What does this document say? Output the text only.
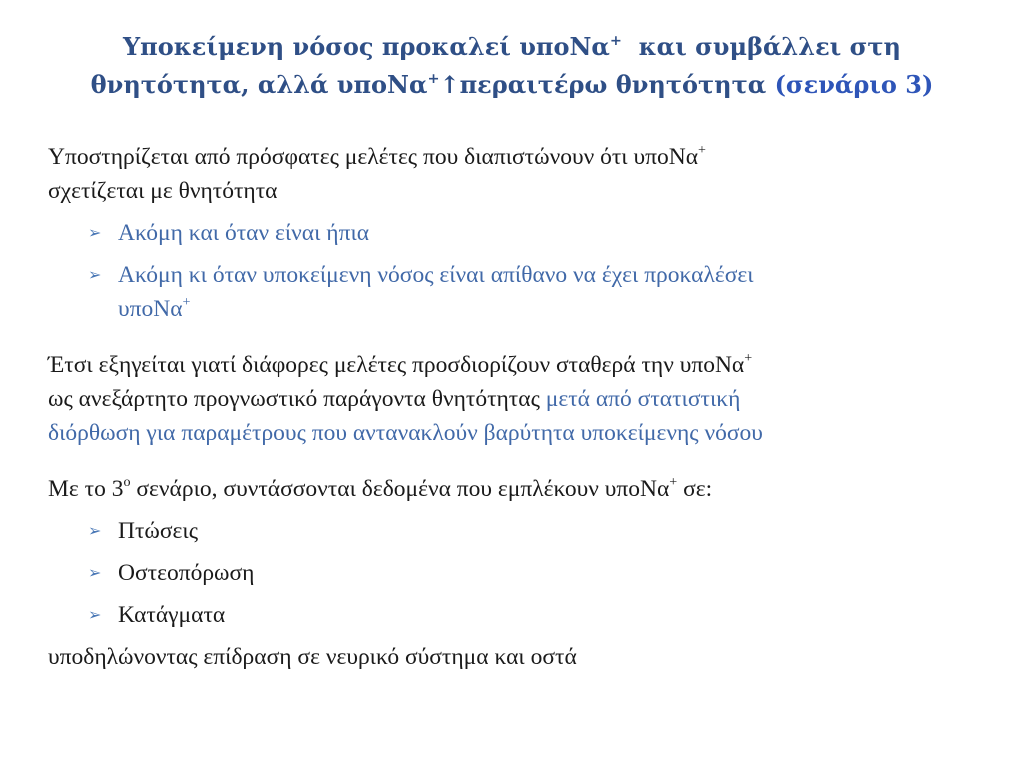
Υποκείμενη νόσος προκαλεί υποΝα+  και συμβάλλει στη
θνητότητα, αλλά υποΝα+↑περαιτέρω θνητότητα (σενάριο 3)

Υποστηρίζεται από πρόσφατες μελέτες που διαπιστώνουν ότι υποΝα+
σχετίζεται με θνητότητα

➢ Ακόμη και όταν είναι ήπια
➢ Ακόμη κι όταν υποκείμενη νόσος είναι απίθανο να έχει προκαλέσει
υποΝα+

Έτσι εξηγείται γιατί διάφορες μελέτες προσδιορίζουν σταθερά την υποΝα+
ως ανεξάρτητο προγνωστικό παράγοντα θνητότητας μετά από στατιστική
διόρθωση για παραμέτρους που αντανακλούν βαρύτητα υποκείμενης νόσου

Με το $3^o$ σενάριο, συντάσσονται δεδομένα που εμπλέκουν υποΝα+ σε:

➢ Πτώσεις
➢ Οστεοπόρωση
➢ Κατάγματα

υποδηλώνοντας επίδραση σε νευρικό σύστημα και οστά
